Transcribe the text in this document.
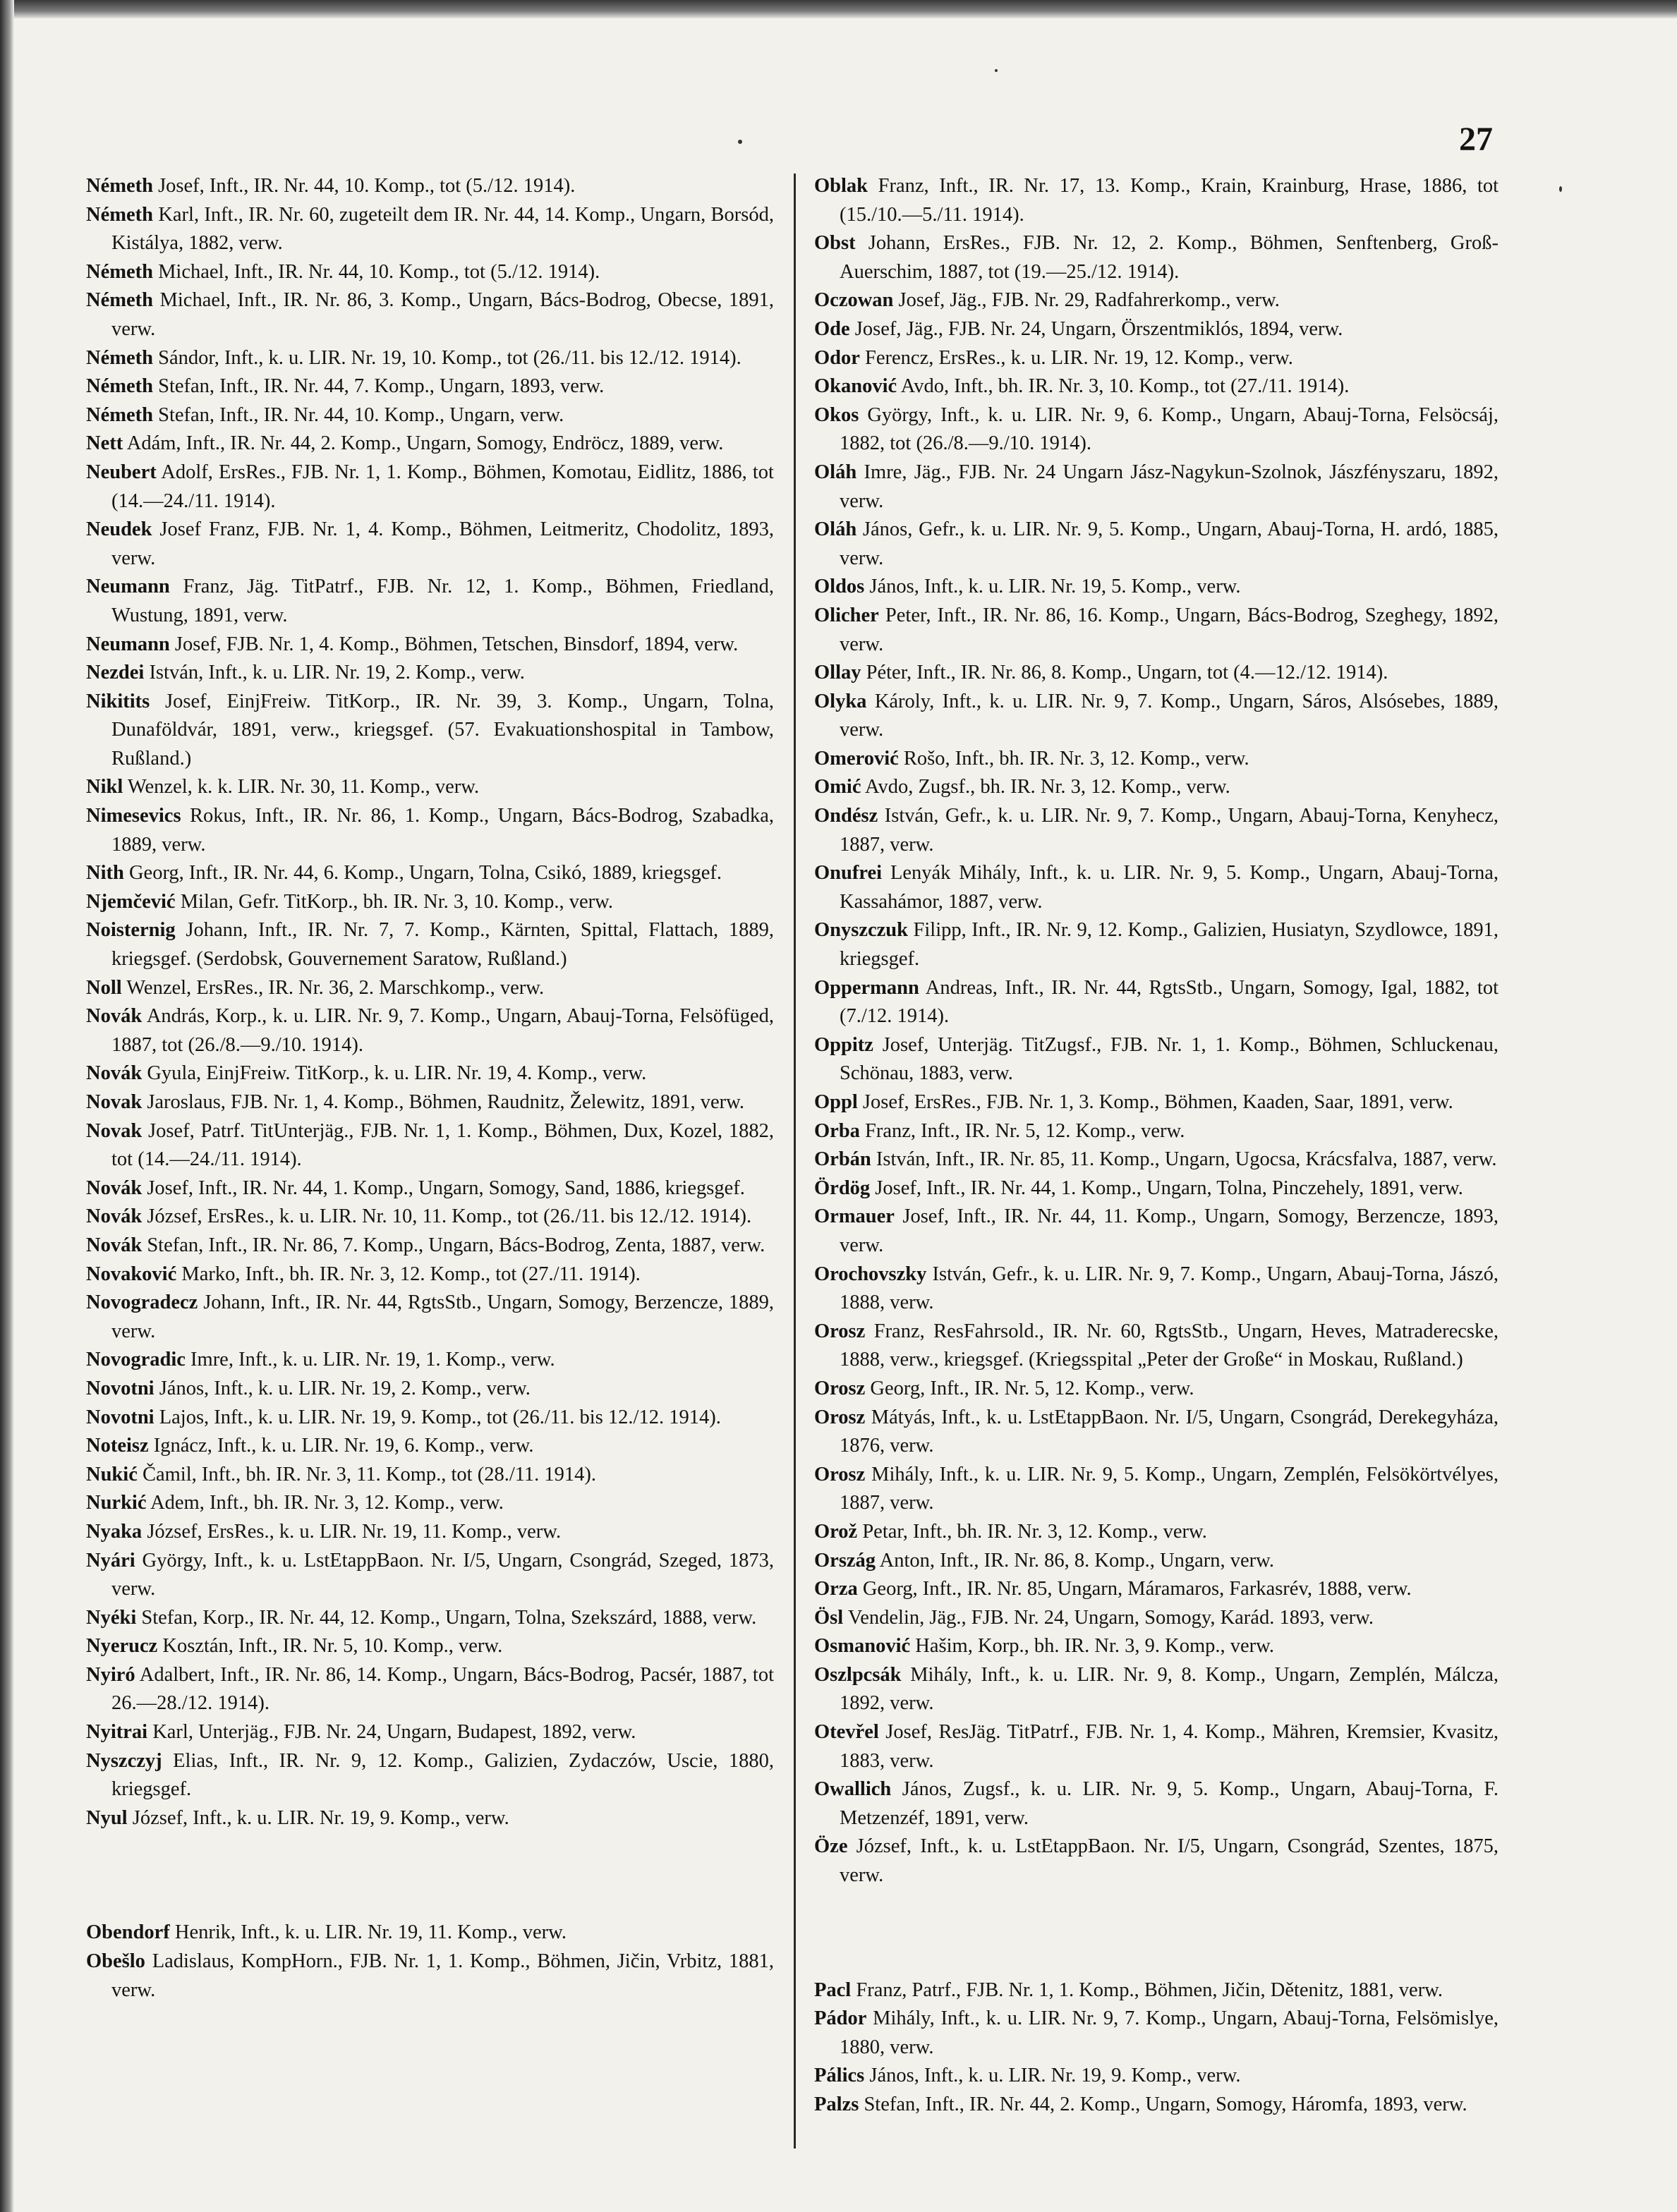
27

Németh Josef, Inft., IR. Nr. 44, 10. Komp., tot (5./12. 1914).

Németh Karl, Inft., IR. Nr. 60, zugeteilt dem IR. Nr. 44, 14. Komp., Ungarn, Borsód, Kistálya, 1882, verw.

Németh Michael, Inft., IR. Nr. 44, 10. Komp., tot (5./12. 1914).

Németh Michael, Inft., IR. Nr. 86, 3. Komp., Ungarn, Bács-Bodrog, Obecse, 1891, verw.

Németh Sándor, Inft., k. u. LIR. Nr. 19, 10. Komp., tot (26./11. bis 12./12. 1914).

Németh Stefan, Inft., IR. Nr. 44, 7. Komp., Ungarn, 1893, verw.

Németh Stefan, Inft., IR. Nr. 44, 10. Komp., Ungarn, verw.

Nett Adám, Inft., IR. Nr. 44, 2. Komp., Ungarn, Somogy, Endröcz, 1889, verw.

Neubert Adolf, ErsRes., FJB. Nr. 1, 1. Komp., Böhmen, Komotau, Eidlitz, 1886, tot (14.—24./11. 1914).

Neudek Josef Franz, FJB. Nr. 1, 4. Komp., Böhmen, Leitmeritz, Chodolitz, 1893, verw.

Neumann Franz, Jäg. TitPatrf., FJB. Nr. 12, 1. Komp., Böhmen, Friedland, Wustung, 1891, verw.

Neumann Josef, FJB. Nr. 1, 4. Komp., Böhmen, Tetschen, Binsdorf, 1894, verw.

Nezdei István, Inft., k. u. LIR. Nr. 19, 2. Komp., verw.

Nikitits Josef, EinjFreiw. TitKorp., IR. Nr. 39, 3. Komp., Ungarn, Tolna, Dunaföldvár, 1891, verw., kriegsgef. (57. Evakuationshospital in Tambow, Rußland.)

Nikl Wenzel, k. k. LIR. Nr. 30, 11. Komp., verw.

Nimesevics Rokus, Inft., IR. Nr. 86, 1. Komp., Ungarn, Bács-Bodrog, Szabadka, 1889, verw.

Nith Georg, Inft., IR. Nr. 44, 6. Komp., Ungarn, Tolna, Csikó, 1889, kriegsgef.

Njemčević Milan, Gefr. TitKorp., bh. IR. Nr. 3, 10. Komp., verw.

Noisternig Johann, Inft., IR. Nr. 7, 7. Komp., Kärnten, Spittal, Flattach, 1889, kriegsgef. (Serdobsk, Gouvernement Saratow, Rußland.)

Noll Wenzel, ErsRes., IR. Nr. 36, 2. Marschkomp., verw.

Novák András, Korp., k. u. LIR. Nr. 9, 7. Komp., Ungarn, Abauj-Torna, Felsöfüged, 1887, tot (26./8.—9./10. 1914).

Novák Gyula, EinjFreiw. TitKorp., k. u. LIR. Nr. 19, 4. Komp., verw.

Novak Jaroslaus, FJB. Nr. 1, 4. Komp., Böhmen, Raudnitz, Želewitz, 1891, verw.

Novak Josef, Patrf. TitUnterjäg., FJB. Nr. 1, 1. Komp., Böhmen, Dux, Kozel, 1882, tot (14.—24./11. 1914).

Novák Josef, Inft., IR. Nr. 44, 1. Komp., Ungarn, Somogy, Sand, 1886, kriegsgef.

Novák József, ErsRes., k. u. LIR. Nr. 10, 11. Komp., tot (26./11. bis 12./12. 1914).

Novák Stefan, Inft., IR. Nr. 86, 7. Komp., Ungarn, Bács-Bodrog, Zenta, 1887, verw.

Novaković Marko, Inft., bh. IR. Nr. 3, 12. Komp., tot (27./11. 1914).

Novogradecz Johann, Inft., IR. Nr. 44, RgtsStb., Ungarn, Somogy, Berzencze, 1889, verw.

Novogradic Imre, Inft., k. u. LIR. Nr. 19, 1. Komp., verw.

Novotni János, Inft., k. u. LIR. Nr. 19, 2. Komp., verw.

Novotni Lajos, Inft., k. u. LIR. Nr. 19, 9. Komp., tot (26./11. bis 12./12. 1914).

Noteisz Ignácz, Inft., k. u. LIR. Nr. 19, 6. Komp., verw.

Nukić Čamil, Inft., bh. IR. Nr. 3, 11. Komp., tot (28./11. 1914).

Nurkić Adem, Inft., bh. IR. Nr. 3, 12. Komp., verw.

Nyaka József, ErsRes., k. u. LIR. Nr. 19, 11. Komp., verw.

Nyári György, Inft., k. u. LstEtappBaon. Nr. I/5, Ungarn, Csongrád, Szeged, 1873, verw.

Nyéki Stefan, Korp., IR. Nr. 44, 12. Komp., Ungarn, Tolna, Szekszárd, 1888, verw.

Nyerucz Kosztán, Inft., IR. Nr. 5, 10. Komp., verw.

Nyiró Adalbert, Inft., IR. Nr. 86, 14. Komp., Ungarn, Bács-Bodrog, Pacsér, 1887, tot 26.—28./12. 1914).

Nyitrai Karl, Unterjäg., FJB. Nr. 24, Ungarn, Budapest, 1892, verw.

Nyszczyj Elias, Inft., IR. Nr. 9, 12. Komp., Galizien, Zydaczów, Uscie, 1880, kriegsgef.

Nyul József, Inft., k. u. LIR. Nr. 19, 9. Komp., verw.

Obendorf Henrik, Inft., k. u. LIR. Nr. 19, 11. Komp., verw.

Obešlo Ladislaus, KompHorn., FJB. Nr. 1, 1. Komp., Böhmen, Jičin, Vrbitz, 1881, verw.

Oblak Franz, Inft., IR. Nr. 17, 13. Komp., Krain, Krainburg, Hrase, 1886, tot (15./10.—5./11. 1914).

Obst Johann, ErsRes., FJB. Nr. 12, 2. Komp., Böhmen, Senftenberg, Groß-Auerschim, 1887, tot (19.—25./12. 1914).

Oczowan Josef, Jäg., FJB. Nr. 29, Radfahrerkomp., verw.

Ode Josef, Jäg., FJB. Nr. 24, Ungarn, Örszentmiklós, 1894, verw.

Odor Ferencz, ErsRes., k. u. LIR. Nr. 19, 12. Komp., verw.

Okanović Avdo, Inft., bh. IR. Nr. 3, 10. Komp., tot (27./11. 1914).

Okos György, Inft., k. u. LIR. Nr. 9, 6. Komp., Ungarn, Abauj-Torna, Felsöcsáj, 1882, tot (26./8.—9./10. 1914).

Oláh Imre, Jäg., FJB. Nr. 24 Ungarn Jász-Nagykun-Szolnok, Jászfényszaru, 1892, verw.

Oláh János, Gefr., k. u. LIR. Nr. 9, 5. Komp., Ungarn, Abauj-Torna, H. ardó, 1885, verw.

Oldos János, Inft., k. u. LIR. Nr. 19, 5. Komp., verw.

Olicher Peter, Inft., IR. Nr. 86, 16. Komp., Ungarn, Bács-Bodrog, Szeghegy, 1892, verw.

Ollay Péter, Inft., IR. Nr. 86, 8. Komp., Ungarn, tot (4.—12./12. 1914).

Olyka Károly, Inft., k. u. LIR. Nr. 9, 7. Komp., Ungarn, Sáros, Alsósebes, 1889, verw.

Omerović Rošo, Inft., bh. IR. Nr. 3, 12. Komp., verw.

Omić Avdo, Zugsf., bh. IR. Nr. 3, 12. Komp., verw.

Ondész István, Gefr., k. u. LIR. Nr. 9, 7. Komp., Ungarn, Abauj-Torna, Kenyhecz, 1887, verw.

Onufrei Lenyák Mihály, Inft., k. u. LIR. Nr. 9, 5. Komp., Ungarn, Abauj-Torna, Kassahámor, 1887, verw.

Onyszczuk Filipp, Inft., IR. Nr. 9, 12. Komp., Galizien, Husiatyn, Szydlowce, 1891, kriegsgef.

Oppermann Andreas, Inft., IR. Nr. 44, RgtsStb., Ungarn, Somogy, Igal, 1882, tot (7./12. 1914).

Oppitz Josef, Unterjäg. TitZugsf., FJB. Nr. 1, 1. Komp., Böhmen, Schluckenau, Schönau, 1883, verw.

Oppl Josef, ErsRes., FJB. Nr. 1, 3. Komp., Böhmen, Kaaden, Saar, 1891, verw.

Orba Franz, Inft., IR. Nr. 5, 12. Komp., verw.

Orbán István, Inft., IR. Nr. 85, 11. Komp., Ungarn, Ugocsa, Krácsfalva, 1887, verw.

Ördög Josef, Inft., IR. Nr. 44, 1. Komp., Ungarn, Tolna, Pinczehely, 1891, verw.

Ormauer Josef, Inft., IR. Nr. 44, 11. Komp., Ungarn, Somogy, Berzencze, 1893, verw.

Orochovszky István, Gefr., k. u. LIR. Nr. 9, 7. Komp., Ungarn, Abauj-Torna, Jászó, 1888, verw.

Orosz Franz, ResFahrsold., IR. Nr. 60, RgtsStb., Ungarn, Heves, Matraderecske, 1888, verw., kriegsgef. (Kriegsspital „Peter der Große“ in Moskau, Rußland.)

Orosz Georg, Inft., IR. Nr. 5, 12. Komp., verw.

Orosz Mátyás, Inft., k. u. LstEtappBaon. Nr. I/5, Ungarn, Csongrád, Derekegyháza, 1876, verw.

Orosz Mihály, Inft., k. u. LIR. Nr. 9, 5. Komp., Ungarn, Zemplén, Felsökörtvélyes, 1887, verw.

Orož Petar, Inft., bh. IR. Nr. 3, 12. Komp., verw.

Ország Anton, Inft., IR. Nr. 86, 8. Komp., Ungarn, verw.

Orza Georg, Inft., IR. Nr. 85, Ungarn, Máramaros, Farkasrév, 1888, verw.

Ösl Vendelin, Jäg., FJB. Nr. 24, Ungarn, Somogy, Karád. 1893, verw.

Osmanović Hašim, Korp., bh. IR. Nr. 3, 9. Komp., verw.

Oszlpcsák Mihály, Inft., k. u. LIR. Nr. 9, 8. Komp., Ungarn, Zemplén, Málcza, 1892, verw.

Otevřel Josef, ResJäg. TitPatrf., FJB. Nr. 1, 4. Komp., Mähren, Kremsier, Kvasitz, 1883, verw.

Owallich János, Zugsf., k. u. LIR. Nr. 9, 5. Komp., Ungarn, Abauj-Torna, F. Metzenzéf, 1891, verw.

Öze József, Inft., k. u. LstEtappBaon. Nr. I/5, Ungarn, Csongrád, Szentes, 1875, verw.

Pacl Franz, Patrf., FJB. Nr. 1, 1. Komp., Böhmen, Jičin, Dětenitz, 1881, verw.

Pádor Mihály, Inft., k. u. LIR. Nr. 9, 7. Komp., Ungarn, Abauj-Torna, Felsömislye, 1880, verw.

Pálics János, Inft., k. u. LIR. Nr. 19, 9. Komp., verw.

Palzs Stefan, Inft., IR. Nr. 44, 2. Komp., Ungarn, Somogy, Háromfa, 1893, verw.
